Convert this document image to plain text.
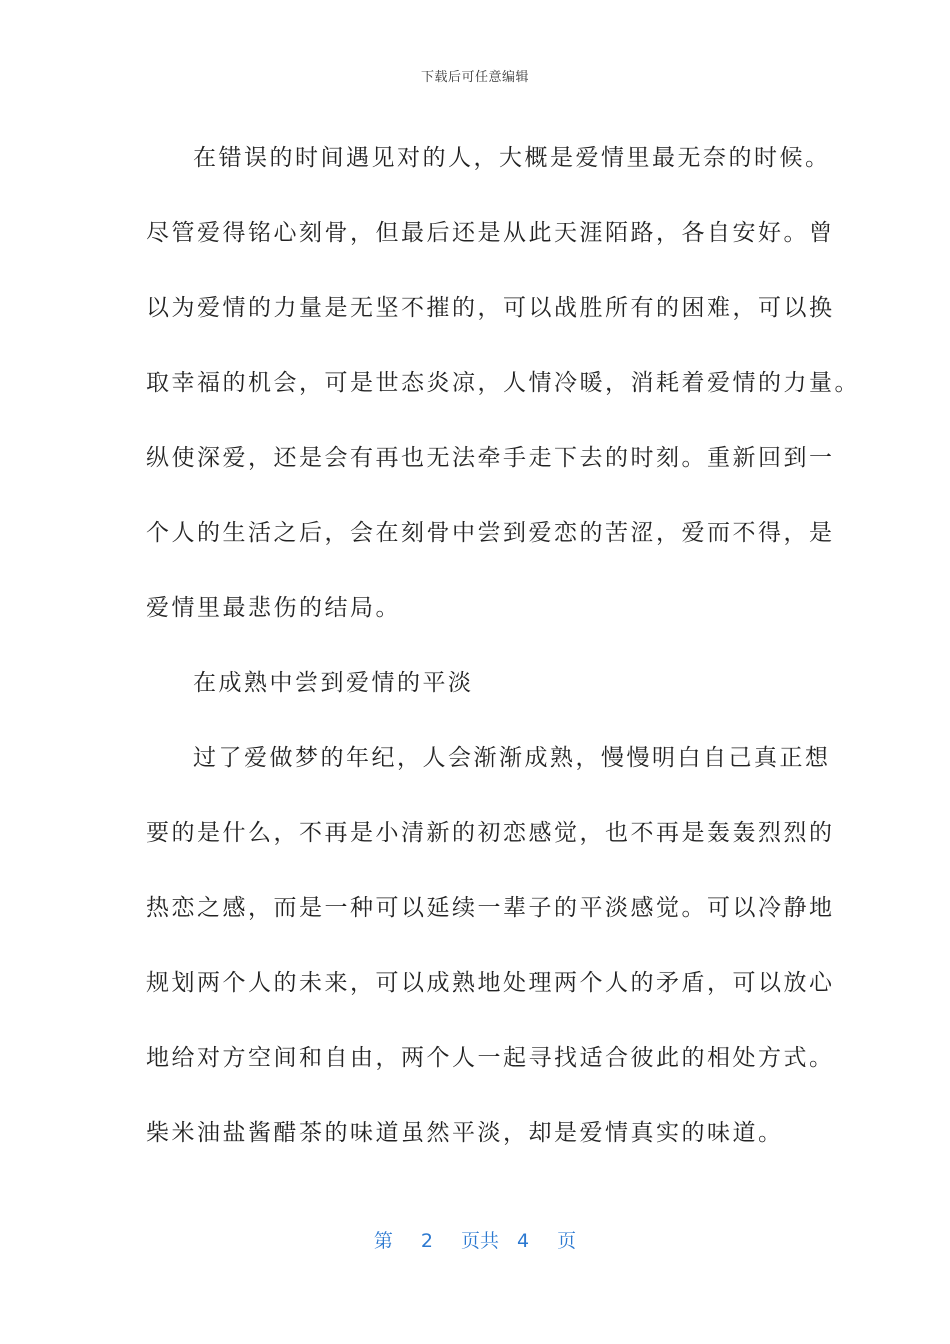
下载后可任意编辑
在错误的时间遇见对的人，大概是爱情里最无奈的时候。
尽管爱得铭心刻骨，但最后还是从此天涯陌路，各自安好。曾
以为爱情的力量是无坚不摧的，可以战胜所有的困难，可以换
取幸福的机会，可是世态炎凉，人情冷暖，消耗着爱情的力量。
纵使深爱，还是会有再也无法牵手走下去的时刻。重新回到一
个人的生活之后，会在刻骨中尝到爱恋的苦涩，爱而不得，是
爱情里最悲伤的结局。
在成熟中尝到爱情的平淡
过了爱做梦的年纪，人会渐渐成熟，慢慢明白自己真正想
要的是什么，不再是小清新的初恋感觉，也不再是轰轰烈烈的
热恋之感，而是一种可以延续一辈子的平淡感觉。可以冷静地
规划两个人的未来，可以成熟地处理两个人的矛盾，可以放心
地给对方空间和自由，两个人一起寻找适合彼此的相处方式。
柴米油盐酱醋茶的味道虽然平淡，却是爱情真实的味道。
第 2 页共 4 页
